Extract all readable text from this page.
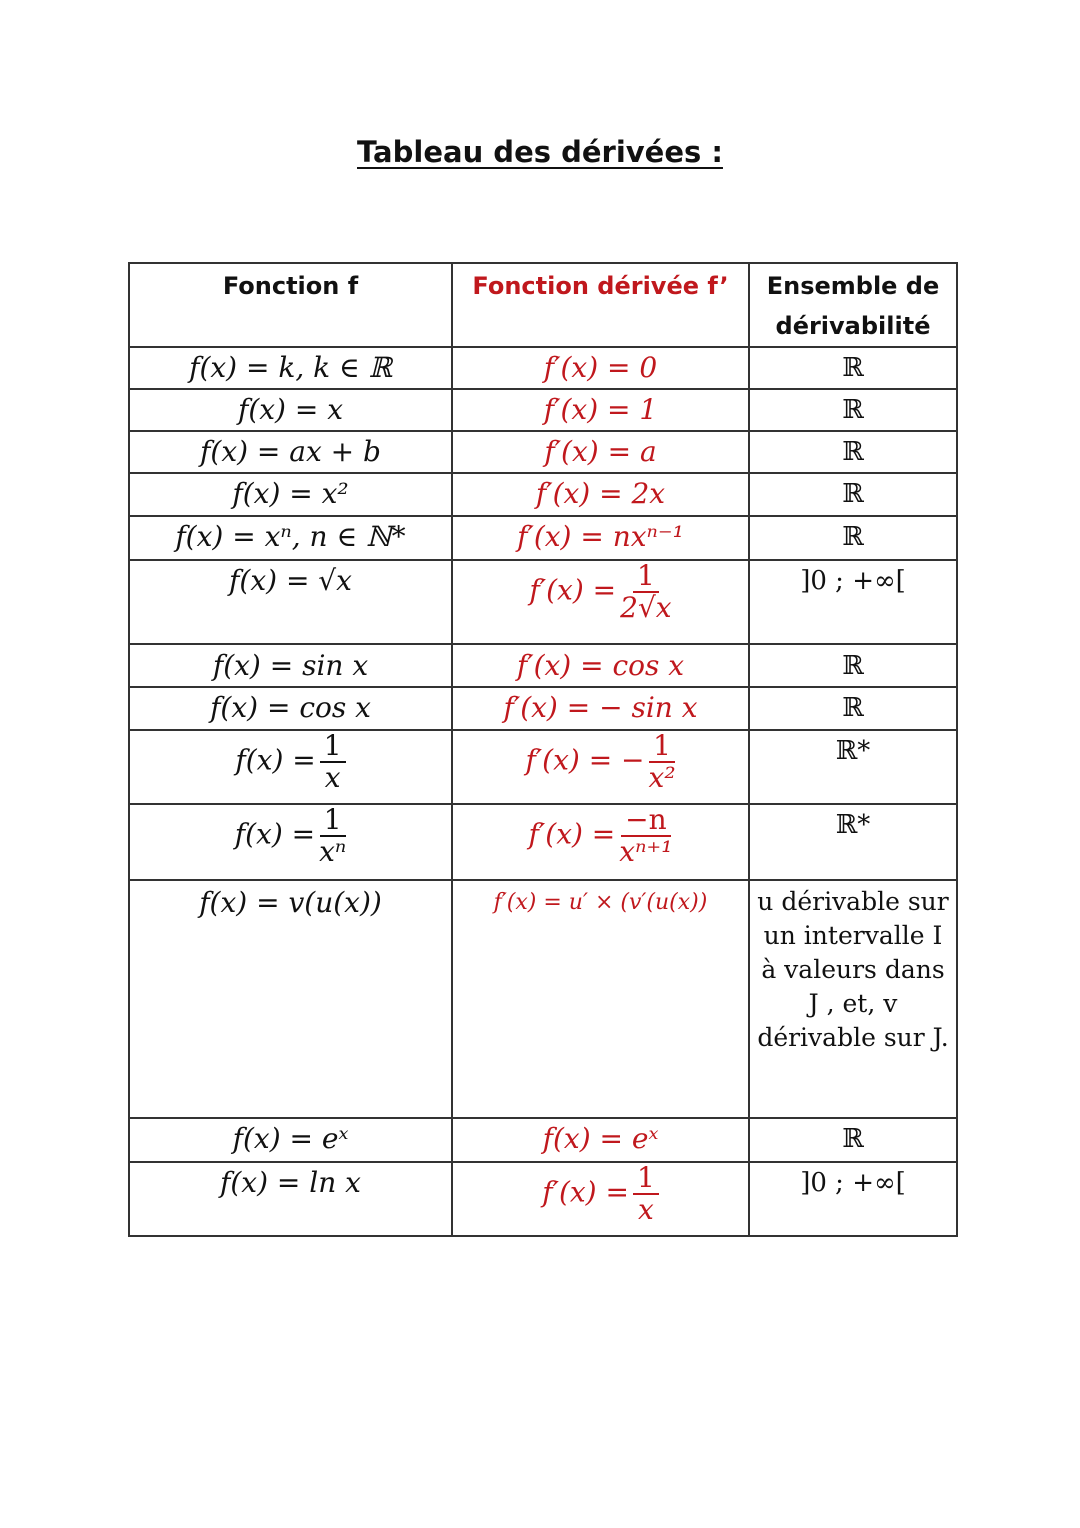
Tableau des dérivées :
Fonction f	Fonction dérivée f’	Ensemble de dérivabilité
f(x) = k, k ∈ ℝ	f′(x) = 0	ℝ
f(x) = x	f′(x) = 1	ℝ
f(x) = ax + b	f′(x) = a	ℝ
f(x) = x²	f′(x) = 2x	ℝ
f(x) = xⁿ, n ∈ ℕ*	f′(x) = nxⁿ⁻¹	ℝ
f(x) = √x	$f'(x) = \frac{1}{2√x}$	]0 ; +∞[
f(x) = sin x	f′(x) = cos x	ℝ
f(x) = cos x	f′(x) = − sin x	ℝ
$f(x) = \frac{1}{x}$	f′(x) = − $\frac{1}{\text{x²}}$	ℝ*
$f(x) = \frac{1}{\text{xⁿ}}$	$f'(x) = \frac{-n}{\text{xⁿ⁺¹}}$	ℝ*
f(x) = v(u(x))	f′(x) = u′ × (v′(u(x))	u dérivable sur un intervalle I à valeurs dans J , et, v dérivable sur J.
f(x) = eˣ	f(x) = eˣ	ℝ
f(x) = ln x	$f'(x) = \frac{1}{x}$	]0 ; +∞[
